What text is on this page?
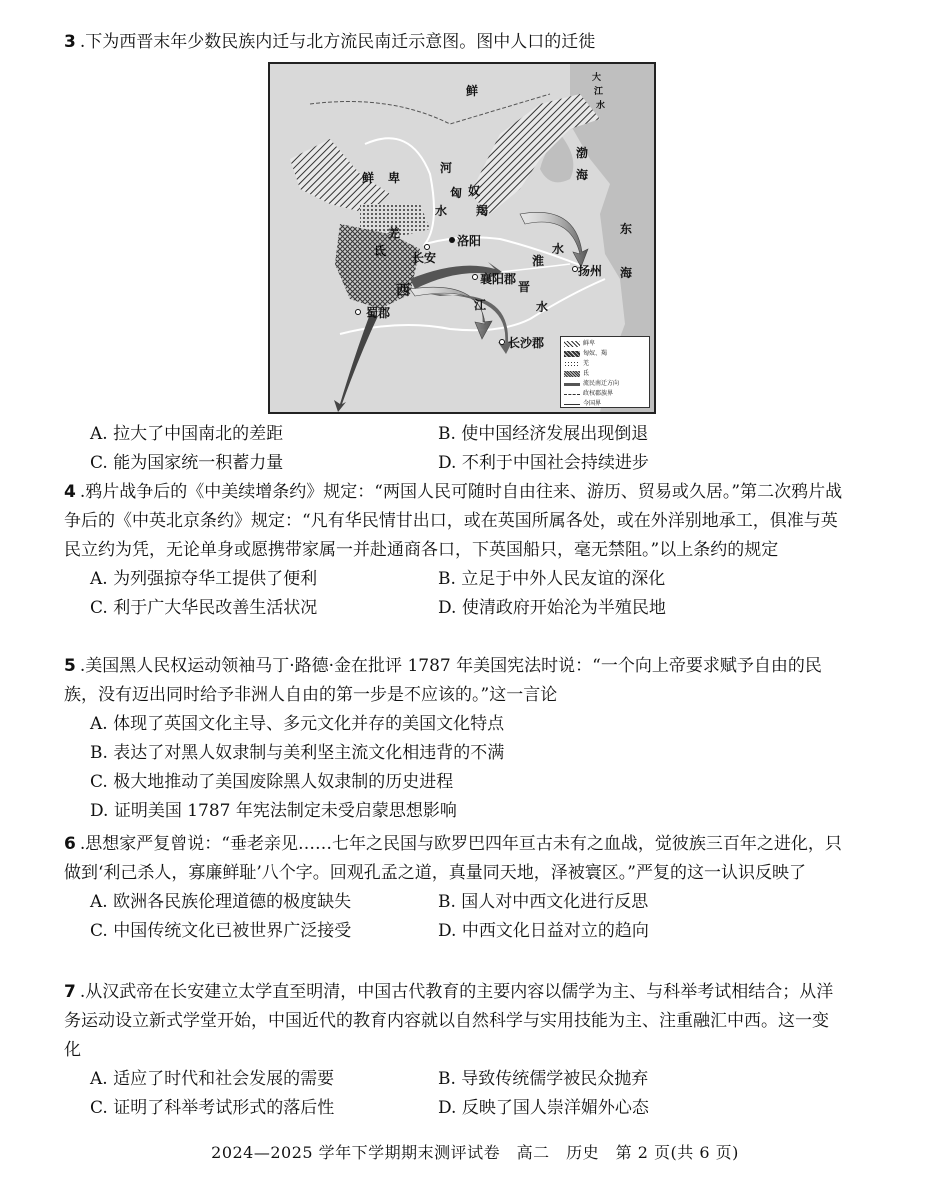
3 .下为西晋末年少数民族内迁与北方流民南迁示意图。图中人口的迁徙
鲜
鲜 卑
河
匈
水
奴
羯
羌
氐 长安
洛阳
渤
海
东
海
大
江
水
淮
水
扬州
襄阳郡
晋
江	水
西
蜀郡
长沙郡	鲜卑
匈奴、羯
羌
氐
流民南迁方向
政权郡族界
今国界
A. 拉大了中国南北的差距	B. 使中国经济发展出现倒退
C. 能为国家统一积蓄力量	D. 不利于中国社会持续进步
4 .鸦片战争后的《中美续增条约》规定：“两国人民可随时自由往来、游历、贸易或久居。”第二次鸦片战争后的《中英北京条约》规定：“凡有华民情甘出口，或在英国所属各处，或在外洋别地承工，俱准与英民立约为凭，无论单身或愿携带家属一并赴通商各口，下英国船只，毫无禁阻。”以上条约的规定
A. 为列强掠夺华工提供了便利	B. 立足于中外人民友谊的深化
C. 利于广大华民改善生活状况	D. 使清政府开始沦为半殖民地
5 .美国黑人民权运动领袖马丁·路德·金在批评 1787 年美国宪法时说：“一个向上帝要求赋予自由的民族，没有迈出同时给予非洲人自由的第一步是不应该的。”这一言论
A. 体现了英国文化主导、多元文化并存的美国文化特点
B. 表达了对黑人奴隶制与美利坚主流文化相违背的不满
C. 极大地推动了美国废除黑人奴隶制的历史进程
D. 证明美国 1787 年宪法制定未受启蒙思想影响
6 .思想家严复曾说：“垂老亲见……七年之民国与欧罗巴四年亘古未有之血战，觉彼族三百年之进化，只做到‘利己杀人，寡廉鲜耻’八个字。回观孔孟之道，真量同天地，泽被寰区。”严复的这一认识反映了
A. 欧洲各民族伦理道德的极度缺失	B. 国人对中西文化进行反思
C. 中国传统文化已被世界广泛接受	D. 中西文化日益对立的趋向
7 .从汉武帝在长安建立太学直至明清，中国古代教育的主要内容以儒学为主、与科举考试相结合；从洋务运动设立新式学堂开始，中国近代的教育内容就以自然科学与实用技能为主、注重融汇中西。这一变化
A. 适应了时代和社会发展的需要	B. 导致传统儒学被民众抛弃
C. 证明了科举考试形式的落后性	D. 反映了国人崇洋媚外心态
2024—2025 学年下学期期末测评试卷　高二　历史　第 2 页(共 6 页)
